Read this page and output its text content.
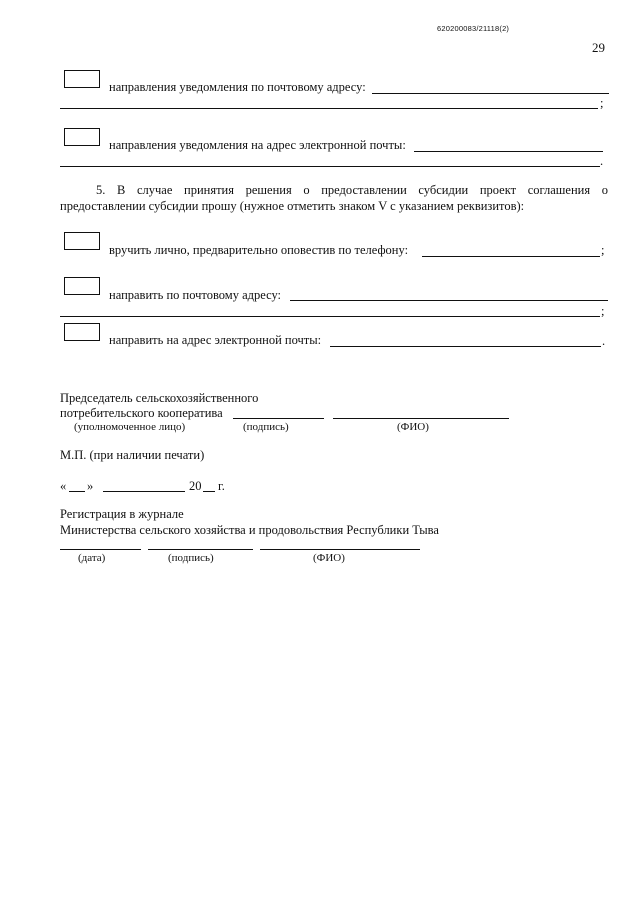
620200083/21118(2)
29
направления уведомления по почтовому адресу:
;
направления уведомления на адрес электронной почты:
.
5. В случае принятия решения о предоставлении субсидии проект соглашения о предоставлении субсидии прошу (нужное отметить знаком V с указанием реквизитов):
вручить лично, предварительно оповестив по телефону:	;
направить по почтовому адресу:
;
направить на адрес электронной почты:	.
Председатель сельскохозяйственного
потребительского кооператива
(уполномоченное лицо)	(подпись)	(ФИО)
М.П. (при наличии печати)
« »	20 г.
Регистрация в журнале
Министерства сельского хозяйства и продовольствия Республики Тыва
(дата)	(подпись)	(ФИО)
